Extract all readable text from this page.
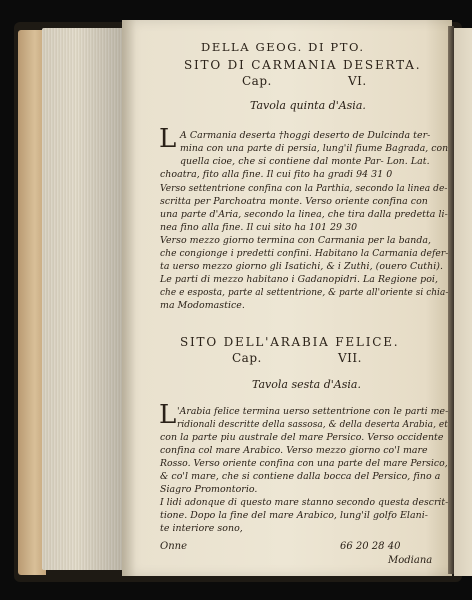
DELLA GEOG. DI PTO.
SITO DI CARMANIA DESERTA.
Cap.	VI.
Tavola quinta d'Asia.
L A Carmania deserta †hoggi deserto de Dulcinda ter-
mina con una parte di persia, lung'il fiume Bagrada, con
quella cioe, che si contiene dal monte Par- Lon. Lat.
choatra, fito alla fine. Il cui fito ha gradi 94 31 0
Verso settentrione confina con la Parthia, secondo la linea de-
scritta per Parchoatra monte. Verso oriente confina con
una parte d'Aria, secondo la linea, che tira dalla predetta li-
nea fino alla fine. Il cui sito ha 101 29 30
Verso mezzo giorno termina con Carmania per la banda,
che congionge i predetti confini. Habitano la Carmania defer-
ta uerso mezzo giorno gli Isatichi, & i Zuthi, (ouero Cuthi).
Le parti di mezzo habitano i Gadanopidri. La Regione poi,
che e esposta, parte al settentrione, & parte all'oriente si chia-
ma Modomastice.
SITO DELL'ARABIA FELICE.
Cap.	VII.
Tavola sesta d'Asia.
L 'Arabia felice termina uerso settentrione con le parti me-
ridionali descritte della sassosa, & della deserta Arabia, et
con la parte piu australe del mare Persico. Verso occidente
confina col mare Arabico. Verso mezzo giorno co'l mare
Rosso. Verso oriente confina con una parte del mare Persico,
& co'l mare, che si contiene dalla bocca del Persico, fino a
Siagro Promontorio.
I lidi adonque di questo mare stanno secondo questa descrit-
tione. Dopo la fine del mare Arabico, lung'il golfo Elani-
te interiore sono,
Onne	66 20 28 40
Modiana
